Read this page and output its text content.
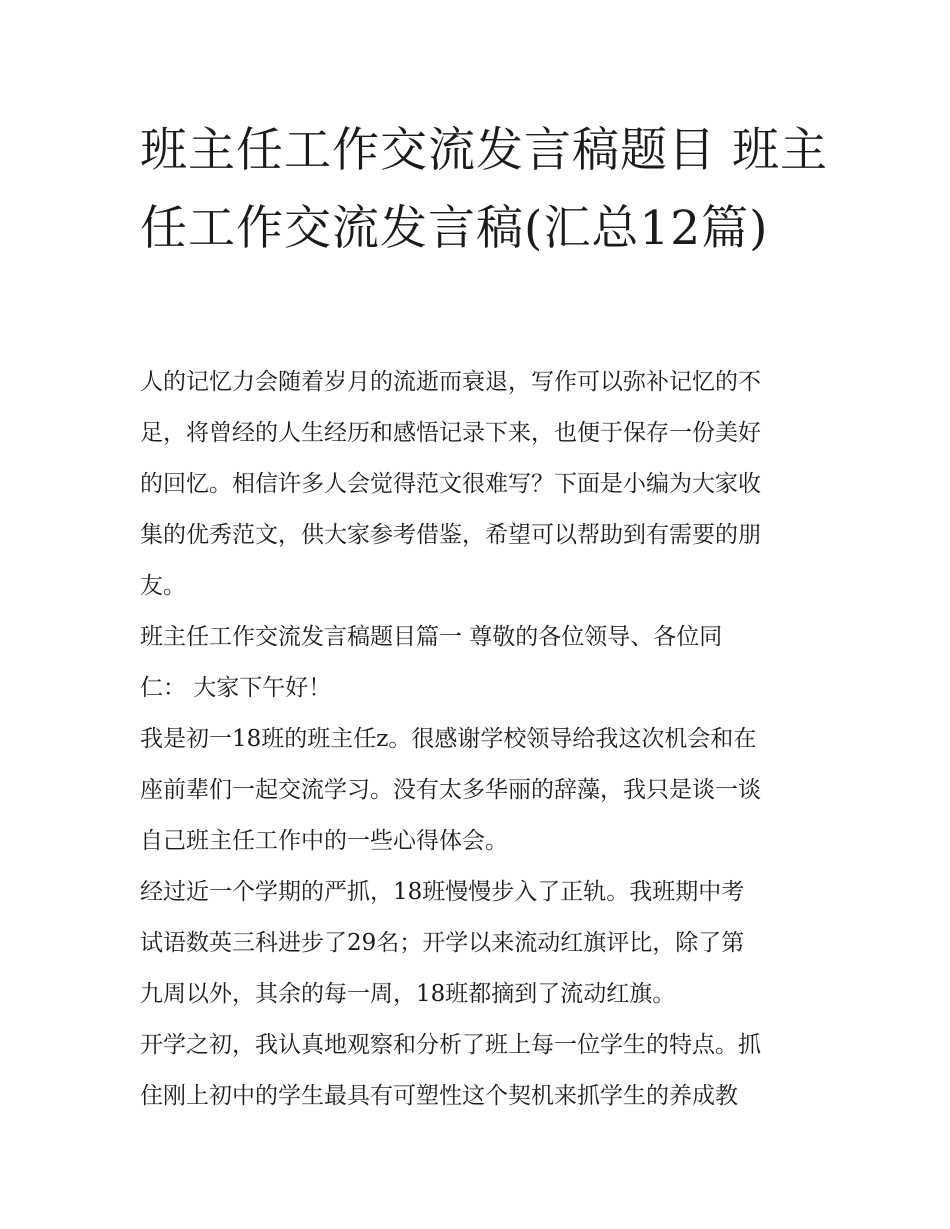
班主任工作交流发言稿题目 班主任工作交流发言稿(汇总12篇)

人的记忆力会随着岁月的流逝而衰退，写作可以弥补记忆的不
足，将曾经的人生经历和感悟记录下来，也便于保存一份美好
的回忆。相信许多人会觉得范文很难写？下面是小编为大家收
集的优秀范文，供大家参考借鉴，希望可以帮助到有需要的朋
友。

班主任工作交流发言稿题目篇一 尊敬的各位领导、各位同
仁： 大家下午好！

我是初一18班的班主任z。很感谢学校领导给我这次机会和在
座前辈们一起交流学习。没有太多华丽的辞藻，我只是谈一谈
自己班主任工作中的一些心得体会。

经过近一个学期的严抓，18班慢慢步入了正轨。我班期中考
试语数英三科进步了29名；开学以来流动红旗评比，除了第
九周以外，其余的每一周，18班都摘到了流动红旗。

开学之初，我认真地观察和分析了班上每一位学生的特点。抓
住刚上初中的学生最具有可塑性这个契机来抓学生的养成教
